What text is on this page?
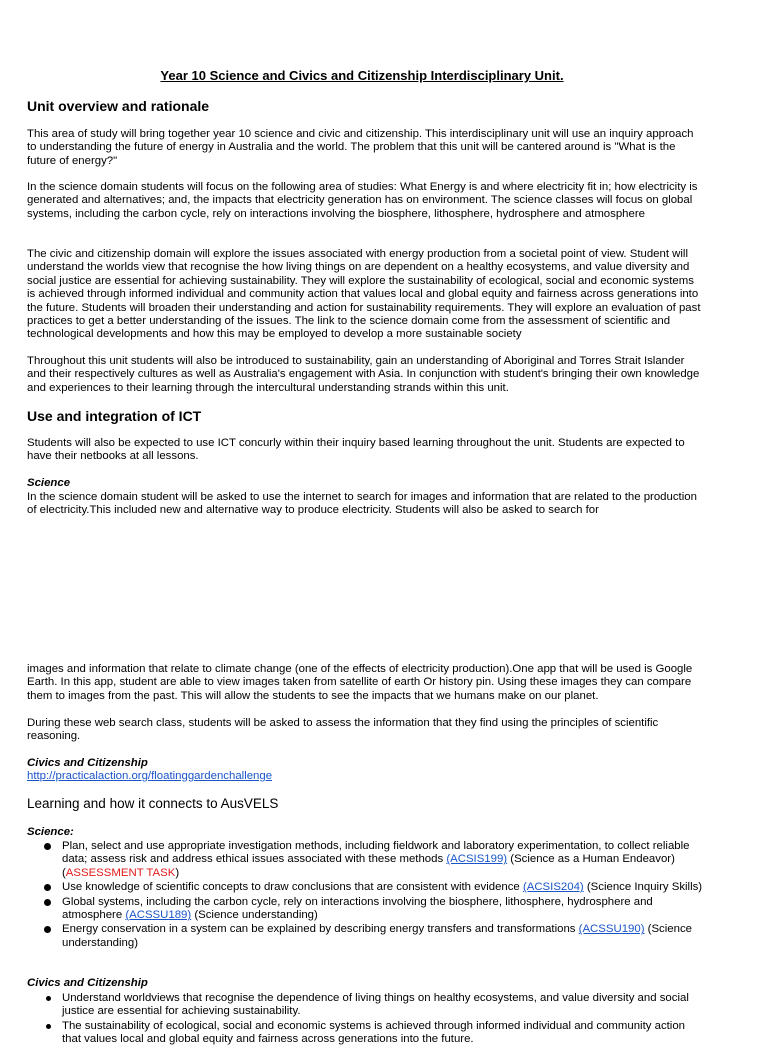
Year 10 Science and Civics and Citizenship Interdisciplinary Unit.
Unit overview and rationale

This area of study will bring together year 10 science and civic and citizenship. This interdisciplinary unit will use an inquiry approach to understanding the future of energy in Australia and the world. The problem that this unit will be cantered around is "What is the future of energy?"

In the science domain students will focus on the following area of studies: What Energy is and where electricity fit in; how electricity is generated and alternatives; and, the impacts that electricity generation has on environment. The science classes will focus on global systems, including the carbon cycle, rely on interactions involving the biosphere, lithosphere, hydrosphere and atmosphere

The civic and citizenship domain will explore the issues associated with energy production from a societal point of view. Student will understand the worlds view that recognise the how living things on are dependent on a healthy ecosystems, and value diversity and social justice are essential for achieving sustainability. They will explore the sustainability of ecological, social and economic systems is achieved through informed individual and community action that values local and global equity and fairness across generations into the future. Students will broaden their understanding and action for sustainability requirements. They will explore an evaluation of past practices to get a better understanding of the issues. The link to the science domain come from the assessment of scientific and technological developments and how this may be employed to develop a more sustainable society

Throughout this unit students will also be introduced to sustainability, gain an understanding of Aboriginal and Torres Strait Islander and their respectively cultures as well as Australia's engagement with Asia. In conjunction with student's bringing their own knowledge and experiences to their learning through the intercultural understanding strands within this unit.

Use and integration of ICT

Students will also be expected to use ICT concurly within their inquiry based learning throughout the unit. Students are expected to have their netbooks at all lessons.

Science

In the science domain student will be asked to use the internet to search for images and information that are related to the production of electricity.This included new and alternative way to produce electricity. Students will also be asked to search for

images and information that relate to climate change (one of the effects of electricity production).One app that will be used is Google Earth. In this app, student are able to view images taken from satellite of earth Or history pin. Using these images they can compare them to images from the past. This will allow the students to see the impacts that we humans make on our planet.

During these web search class, students will be asked to assess the information that they find using the principles of scientific reasoning.

Civics and Citizenship

http://practicalaction.org/floatinggardenchallenge

Learning and how it connects to AusVELS

Science:

Plan, select and use appropriate investigation methods, including fieldwork and laboratory experimentation, to collect reliable data; assess risk and address ethical issues associated with these methods (ACSIS199) (Science as a Human Endeavor) (ASSESSMENT TASK)
Use knowledge of scientific concepts to draw conclusions that are consistent with evidence (ACSIS204) (Science Inquiry Skills)
Global systems, including the carbon cycle, rely on interactions involving the biosphere, lithosphere, hydrosphere and atmosphere (ACSSU189) (Science understanding)
Energy conservation in a system can be explained by describing energy transfers and transformations (ACSSU190) (Science understanding)

Civics and Citizenship

Understand worldviews that recognise the dependence of living things on healthy ecosystems, and value diversity and social justice are essential for achieving sustainability.
The sustainability of ecological, social and economic systems is achieved through informed individual and community action that values local and global equity and fairness across generations into the future.
